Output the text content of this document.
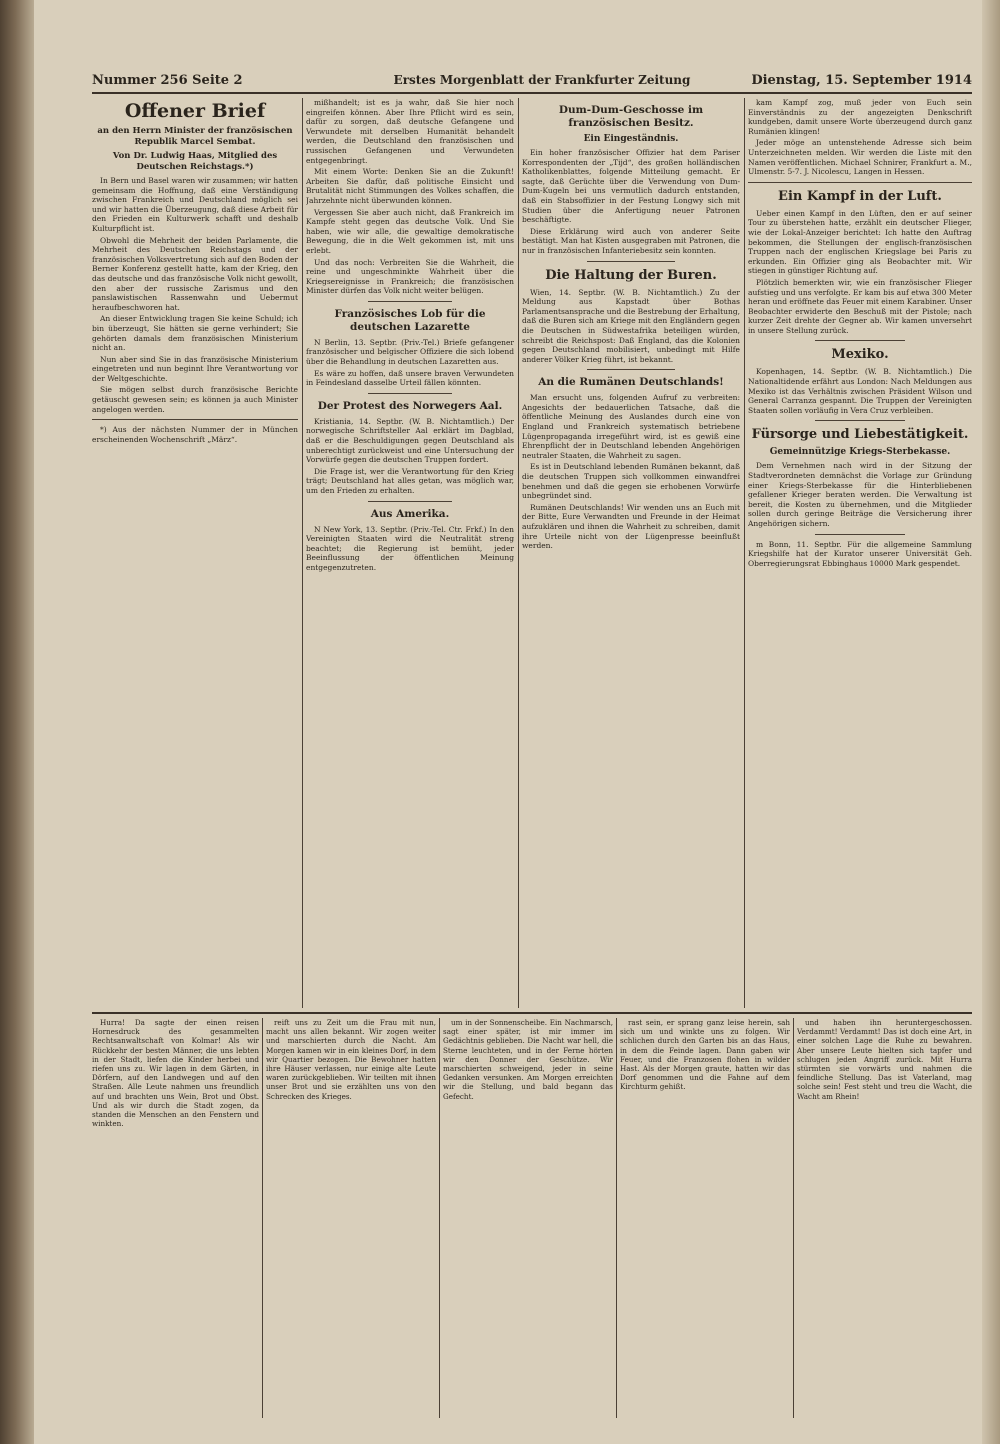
Nummer 256 Seite 2	Erstes Morgenblatt der Frankfurter Zeitung	Dienstag, 15. September 1914
Offener Brief
an den Herrn Minister der französischen Republik Marcel Sembat.
Von Dr. Ludwig Haas, Mitglied des Deutschen Reichstags.*)

In Bern und Basel waren wir zusammen; wir hatten gemeinsam die Hoffnung, daß eine Verständigung zwischen Frankreich und Deutschland möglich sei und wir hatten die Überzeugung, daß diese Arbeit für den Frieden ein Kulturwerk schafft und deshalb Kulturpflicht ist.

Obwohl die Mehrheit der beiden Parlamente, die Mehrheit des Deutschen Reichstags und der französischen Volksvertretung sich auf den Boden der Berner Konferenz gestellt hatte, kam der Krieg, den das deutsche und das französische Volk nicht gewollt, den aber der russische Zarismus und den panslawistischen Rassenwahn und Uebermut heraufbeschworen hat.

An dieser Entwicklung tragen Sie keine Schuld; ich bin überzeugt, Sie hätten sie gerne verhindert; Sie gehörten damals dem französischen Ministerium nicht an.

Nun aber sind Sie in das französische Ministerium eingetreten und nun beginnt Ihre Verantwortung vor der Weltgeschichte.

Sie mögen selbst durch französische Berichte getäuscht gewesen sein; es können ja auch Minister angelogen werden.

*) Aus der nächsten Nummer der in München erscheinenden Wochenschrift „März“.

mißhandelt; ist es ja wahr, daß Sie hier noch eingreifen können. Aber Ihre Pflicht wird es sein, dafür zu sorgen, daß deutsche Gefangene und Verwundete mit derselben Humanität behandelt werden, die Deutschland den französischen und russischen Gefangenen und Verwundeten entgegenbringt.

Mit einem Worte: Denken Sie an die Zukunft! Arbeiten Sie dafür, daß politische Einsicht und Brutalität nicht Stimmungen des Volkes schaffen, die Jahrzehnte nicht überwunden können.

Vergessen Sie aber auch nicht, daß Frankreich im Kampfe steht gegen das deutsche Volk. Und Sie haben, wie wir alle, die gewaltige demokratische Bewegung, die in die Welt gekommen ist, mit uns erlebt.

Und das noch: Verbreiten Sie die Wahrheit, die reine und ungeschminkte Wahrheit über die Kriegsereignisse in Frankreich; die französischen Minister dürfen das Volk nicht weiter belügen.

Französisches Lob für die deutschen Lazarette

N Berlin, 13. Septbr. (Priv.-Tel.) Briefe gefangener französischer und belgischer Offiziere die sich lobend über die Behandlung in deutschen Lazaretten aus.

Es wäre zu hoffen, daß unsere braven Verwundeten in Feindesland dasselbe Urteil fällen könnten.

Der Protest des Norwegers Aal.

Kristiania, 14. Septbr. (W. B. Nichtamtlich.) Der norwegische Schriftsteller Aal erklärt im Dagblad, daß er die Beschuldigungen gegen Deutschland als unberechtigt zurückweist und eine Untersuchung der Vorwürfe gegen die deutschen Truppen fordert.

Die Frage ist, wer die Verantwortung für den Krieg trägt; Deutschland hat alles getan, was möglich war, um den Frieden zu erhalten.

Aus Amerika.

N New York, 13. Septbr. (Priv.-Tel. Ctr. Frkf.) In den Vereinigten Staaten wird die Neutralität streng beachtet; die Regierung ist bemüht, jeder Beeinflussung der öffentlichen Meinung entgegenzutreten.

Dum-Dum-Geschosse im französischen Besitz.
Ein Eingeständnis.

Ein hoher französischer Offizier hat dem Pariser Korrespondenten der „Tijd“, des großen holländischen Katholikenblattes, folgende Mitteilung gemacht. Er sagte, daß Gerüchte über die Verwendung von Dum-Dum-Kugeln bei uns vermutlich dadurch entstanden, daß ein Stabsoffizier in der Festung Longwy sich mit Studien über die Anfertigung neuer Patronen beschäftigte.

Diese Erklärung wird auch von anderer Seite bestätigt. Man hat Kisten ausgegraben mit Patronen, die nur in französischen Infanteriebesitz sein konnten.

Die Haltung der Buren.

Wien, 14. Septbr. (W. B. Nichtamtlich.) Zu der Meldung aus Kapstadt über Bothas Parlamentsansprache und die Bestrebung der Erhaltung, daß die Buren sich am Kriege mit den Engländern gegen die Deutschen in Südwestafrika beteiligen würden, schreibt die Reichspost: Daß England, das die Kolonien gegen Deutschland mobilisiert, unbedingt mit Hilfe anderer Völker Krieg führt, ist bekannt.

An die Rumänen Deutschlands!

Man ersucht uns, folgenden Aufruf zu verbreiten: Angesichts der bedauerlichen Tatsache, daß die öffentliche Meinung des Auslandes durch eine von England und Frankreich systematisch betriebene Lügenpropaganda irregeführt wird, ist es gewiß eine Ehrenpflicht der in Deutschland lebenden Angehörigen neutraler Staaten, die Wahrheit zu sagen.

Es ist in Deutschland lebenden Rumänen bekannt, daß die deutschen Truppen sich vollkommen einwandfrei benehmen und daß die gegen sie erhobenen Vorwürfe unbegründet sind.

Rumänen Deutschlands! Wir wenden uns an Euch mit der Bitte, Eure Verwandten und Freunde in der Heimat aufzuklären und ihnen die Wahrheit zu schreiben, damit ihre Urteile nicht von der Lügenpresse beeinflußt werden.

kam Kampf zog, muß jeder von Euch sein Einverständnis zu der angezeigten Denkschrift kundgeben, damit unsere Worte überzeugend durch ganz Rumänien klingen!

Jeder möge an untenstehende Adresse sich beim Unterzeichneten melden. Wir werden die Liste mit den Namen veröffentlichen. Michael Schnirer, Frankfurt a. M., Ulmenstr. 5-7. J. Nicolescu, Langen in Hessen.

Ein Kampf in der Luft.

Ueber einen Kampf in den Lüften, den er auf seiner Tour zu überstehen hatte, erzählt ein deutscher Flieger, wie der Lokal-Anzeiger berichtet: Ich hatte den Auftrag bekommen, die Stellungen der englisch-französischen Truppen nach der englischen Kriegslage bei Paris zu erkunden. Ein Offizier ging als Beobachter mit. Wir stiegen in günstiger Richtung auf.

Plötzlich bemerkten wir, wie ein französischer Flieger aufstieg und uns verfolgte. Er kam bis auf etwa 300 Meter heran und eröffnete das Feuer mit einem Karabiner. Unser Beobachter erwiderte den Beschuß mit der Pistole; nach kurzer Zeit drehte der Gegner ab. Wir kamen unversehrt in unsere Stellung zurück.

Mexiko.

Kopenhagen, 14. Septbr. (W. B. Nichtamtlich.) Die Nationaltidende erfährt aus London: Nach Meldungen aus Mexiko ist das Verhältnis zwischen Präsident Wilson und General Carranza gespannt. Die Truppen der Vereinigten Staaten sollen vorläufig in Vera Cruz verbleiben.

Fürsorge und Liebestätigkeit.
Gemeinnützige Kriegs-Sterbekasse.

Dem Vernehmen nach wird in der Sitzung der Stadtverordneten demnächst die Vorlage zur Gründung einer Kriegs-Sterbekasse für die Hinterbliebenen gefallener Krieger beraten werden. Die Verwaltung ist bereit, die Kosten zu übernehmen, und die Mitglieder sollen durch geringe Beiträge die Versicherung ihrer Angehörigen sichern.

m Bonn, 11. Septbr. Für die allgemeine Sammlung Kriegshilfe hat der Kurator unserer Universität Geh. Oberregierungsrat Ebbinghaus 10000 Mark gespendet.

Hurra! Da sagte der einen reisen Hornesdruck des gesammelten Rechtsanwaltschaft von Kolmar! Als wir Rückkehr der besten Männer, die uns lebten in der Stadt, liefen die Kinder herbei und riefen uns zu. Wir lagen in dem Gärten, in Dörfern, auf den Landwegen und auf den Straßen. Alle Leute nahmen uns freundlich auf und brachten uns Wein, Brot und Obst. Und als wir durch die Stadt zogen, da standen die Menschen an den Fenstern und winkten.

reift uns zu Zeit um die Frau mit nun, macht uns allen bekannt. Wir zogen weiter und marschierten durch die Nacht. Am Morgen kamen wir in ein kleines Dorf, in dem wir Quartier bezogen. Die Bewohner hatten ihre Häuser verlassen, nur einige alte Leute waren zurückgeblieben. Wir teilten mit ihnen unser Brot und sie erzählten uns von den Schrecken des Krieges.

um in der Sonnenscheibe. Ein Nachmarsch, sagt einer später, ist mir immer im Gedächtnis geblieben. Die Nacht war hell, die Sterne leuchteten, und in der Ferne hörten wir den Donner der Geschütze. Wir marschierten schweigend, jeder in seine Gedanken versunken. Am Morgen erreichten wir die Stellung, und bald begann das Gefecht.

rast sein, er sprang ganz leise herein, sah sich um und winkte uns zu folgen. Wir schlichen durch den Garten bis an das Haus, in dem die Feinde lagen. Dann gaben wir Feuer, und die Franzosen flohen in wilder Hast. Als der Morgen graute, hatten wir das Dorf genommen und die Fahne auf dem Kirchturm gehißt.

und haben ihn heruntergeschossen. Verdammt! Verdammt! Das ist doch eine Art, in einer solchen Lage die Ruhe zu bewahren. Aber unsere Leute hielten sich tapfer und schlugen jeden Angriff zurück. Mit Hurra stürmten sie vorwärts und nahmen die feindliche Stellung. Das ist Vaterland, mag solche sein! Fest steht und treu die Wacht, die Wacht am Rhein!
